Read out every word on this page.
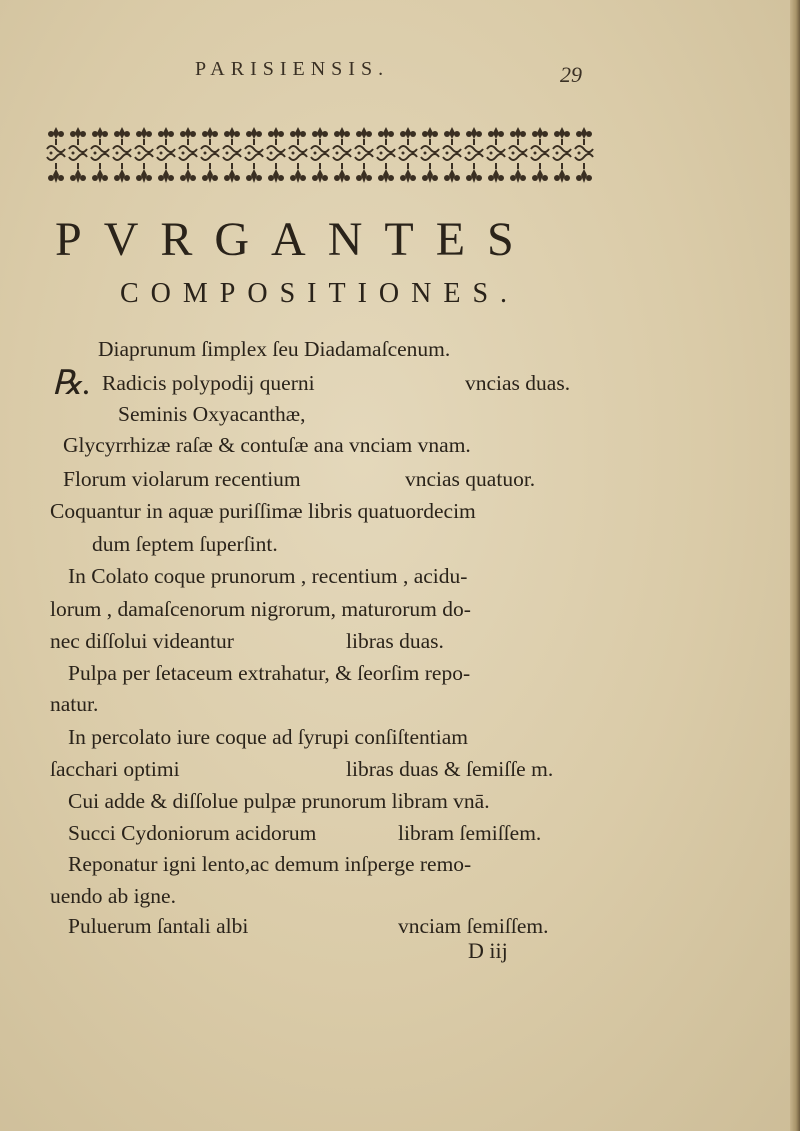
PARISIENSIS.	29
PVRGANTES
COMPOSITIONES.
Diaprunum ſimplex ſeu Diadamaſcenum.
℞. Radicis polypodij querni	vncias duas.
Seminis Oxyacanthæ,
Glycyrrhizæ raſæ & contuſæ ana vnciam vnam.
Florum violarum recentium	vncias quatuor.
Coquantur in aquæ puriſſimæ libris quatuordecim
dum ſeptem ſuperſint.
In Colato coque prunorum , recentium , acidu-
lorum , damaſcenorum nigrorum, maturorum do-
nec diſſolui videantur	libras duas.
Pulpa per ſetaceum extrahatur, & ſeorſim repo-
natur.
In percolato iure coque ad ſyrupi conſiſtentiam
ſacchari optimi	libras duas & ſemiſſe m.
Cui adde & diſſolue pulpæ prunorum libram vnā.
Succi Cydoniorum acidorum	libram ſemiſſem.
Reponatur igni lento,ac demum inſperge remo-
uendo ab igne.
Puluerum ſantali albi	vnciam ſemiſſem.
D iij
